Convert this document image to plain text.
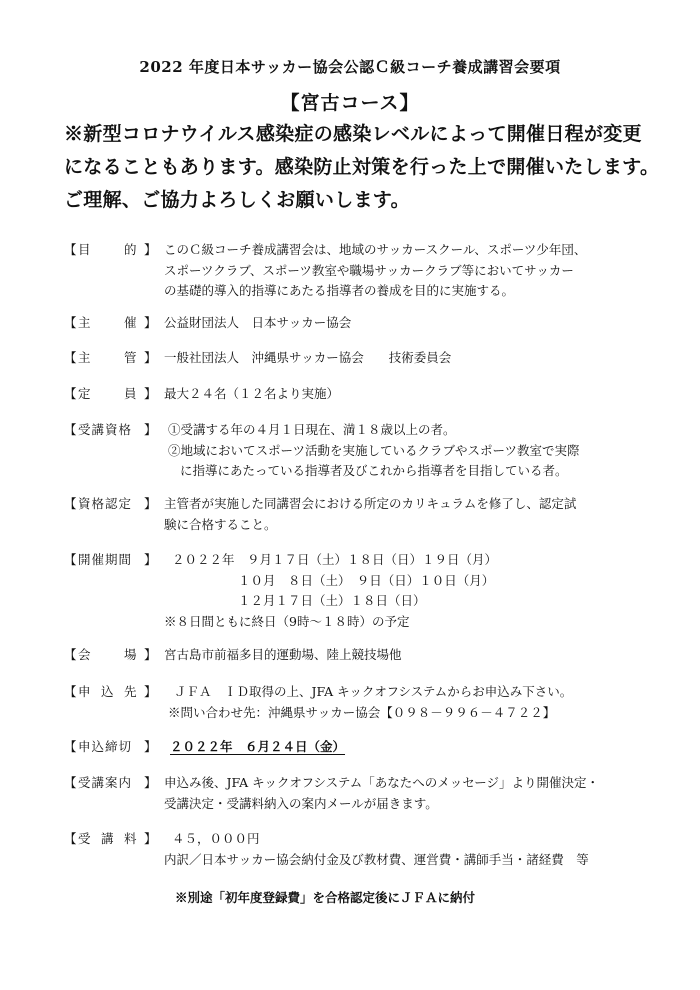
2022 年度日本サッカー協会公認Ｃ級コーチ養成講習会要項
【宮古コース】
※新型コロナウイルス感染症の感染レベルによって開催日程が変更
になることもあります。感染防止対策を行った上で開催いたします。
ご理解、ご協力よろしくお願いします。
【 目	的 】 このＣ級コーチ養成講習会は、地域のサッカースクール、スポーツ少年団、
スポーツクラブ、スポーツ教室や職場サッカークラブ等においてサッカー
の基礎的導入的指導にあたる指導者の養成を目的に実施する。
【 主	催 】 公益財団法人　日本サッカー協会
【 主	管 】 一般社団法人　沖縄県サッカー協会　　技術委員会
【 定	員 】 最大２４名（１２名より実施）
【 受講資格 】 ①受講する年の４月１日現在、満１８歳以上の者。
②地域においてスポーツ活動を実施しているクラブやスポーツ教室で実際
に指導にあたっている指導者及びこれから指導者を目指している者。
【 資格認定 】 主管者が実施した同講習会における所定のカリキュラムを修了し、認定試
験に合格すること。
【 開催期間 】	２０２２年　９月１７日（土）１８日（日）１９日（月）
１０月　８日（土）　９日（日）１０日（月）
１２月１７日（土）１８日（日）
※８日間ともに終日（9時～１８時）の予定
【 会	場 】 宮古島市前福多目的運動場、陸上競技場他
【 申 込 先 】	ＪＦＡ　ＩＤ取得の上、JFA キックオフシステムからお申込み下さい。
※問い合わせ先：沖縄県サッカー協会【０９８－９９６－４７２２】
【 申込締切 】	２０２２年　６月２４日（金）
【 受講案内 】 申込み後、JFA キックオフシステム「あなたへのメッセージ」より開催決定・
受講決定・受講料納入の案内メールが届きます。
【 受 講 料 】	４５，０００円
内訳／日本サッカー協会納付金及び教材費、運営費・講師手当・諸経費　等
※別途「初年度登録費」を合格認定後にＪＦＡに納付
